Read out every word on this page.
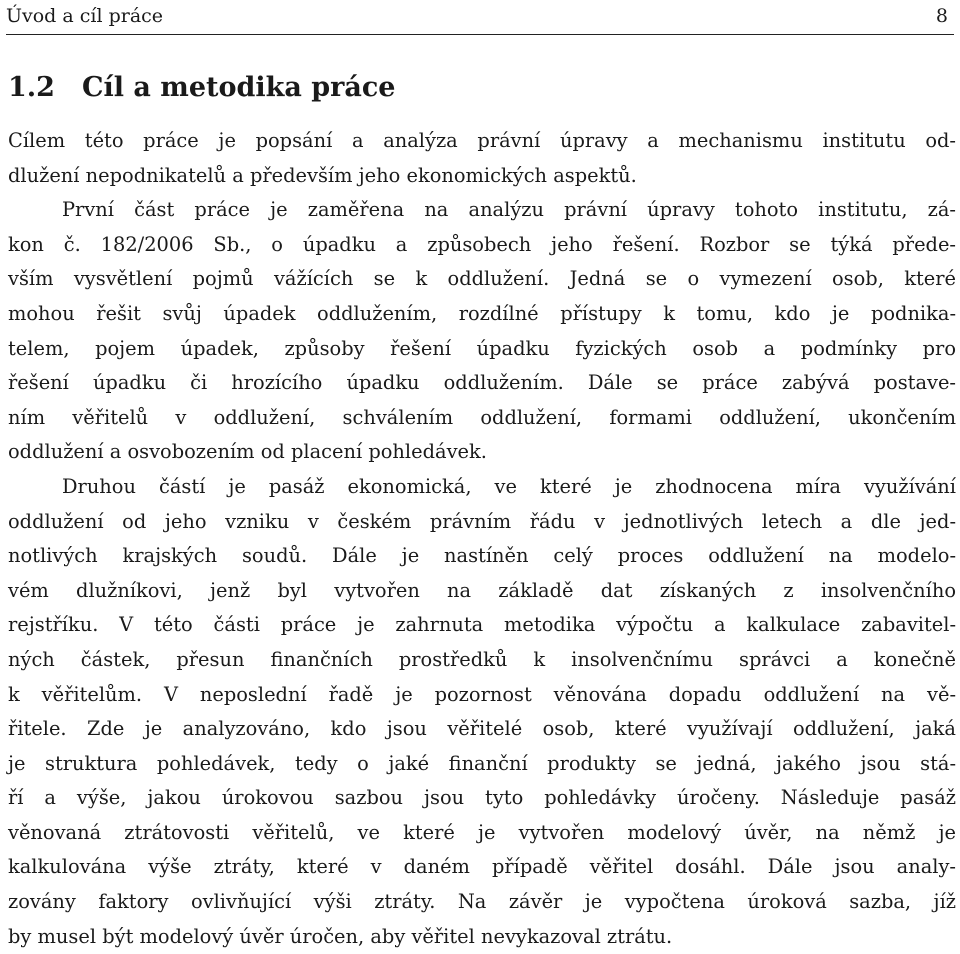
Úvod a cíl práce	8
1.2 Cíl a metodika práce

Cílem této práce je popsání a analýza právní úpravy a mechanismu institutu od-
dlužení nepodnikatelů a především jeho ekonomických aspektů.

První část práce je zaměřena na analýzu právní úpravy tohoto institutu, zá-
kon č. 182/2006 Sb., o úpadku a způsobech jeho řešení. Rozbor se týká přede-
vším vysvětlení pojmů vážících se k oddlužení. Jedná se o vymezení osob, které
mohou řešit svůj úpadek oddlužením, rozdílné přístupy k tomu, kdo je podnika-
telem, pojem úpadek, způsoby řešení úpadku fyzických osob a podmínky pro
řešení úpadku či hrozícího úpadku oddlužením. Dále se práce zabývá postave-
ním věřitelů v oddlužení, schválením oddlužení, formami oddlužení, ukončením
oddlužení a osvobozením od placení pohledávek.

Druhou částí je pasáž ekonomická, ve které je zhodnocena míra využívání
oddlužení od jeho vzniku v českém právním řádu v jednotlivých letech a dle jed-
notlivých krajských soudů. Dále je nastíněn celý proces oddlužení na modelo-
vém dlužníkovi, jenž byl vytvořen na základě dat získaných z insolvenčního
rejstříku. V této části práce je zahrnuta metodika výpočtu a kalkulace zabavitel-
ných částek, přesun finančních prostředků k insolvenčnímu správci a konečně
k věřitelům. V neposlední řadě je pozornost věnována dopadu oddlužení na vě-
řitele. Zde je analyzováno, kdo jsou věřitelé osob, které využívají oddlužení, jaká
je struktura pohledávek, tedy o jaké finanční produkty se jedná, jakého jsou stá-
ří a výše, jakou úrokovou sazbou jsou tyto pohledávky úročeny. Následuje pasáž
věnovaná ztrátovosti věřitelů, ve které je vytvořen modelový úvěr, na němž je
kalkulována výše ztráty, které v daném případě věřitel dosáhl. Dále jsou analy-
zovány faktory ovlivňující výši ztráty. Na závěr je vypočtena úroková sazba, jíž
by musel být modelový úvěr úročen, aby věřitel nevykazoval ztrátu.
